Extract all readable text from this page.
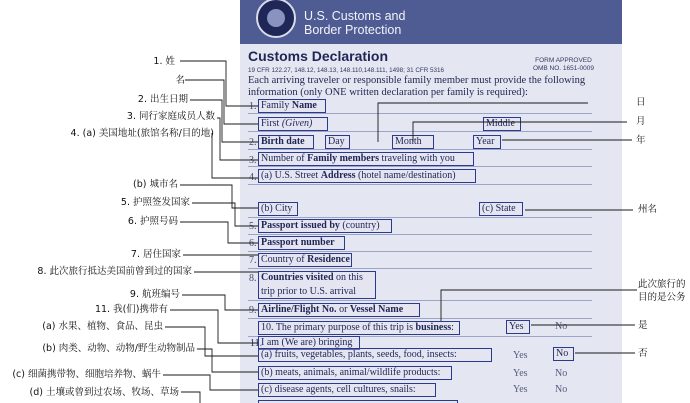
U.S. Customs and
Border Protection
Customs Declaration	FORM APPROVED
OMB NO. 1651-0009
19 CFR 122.27, 148.12, 148.13, 148.110,148.111, 1498; 31 CFR 5316
Each arriving traveler or responsible family member must provide the following
information (only ONE written declaration per family is required):
1. Family Name
First (Given)	Middle
2. Birth date	Day	Month	Year
3. Number of Family members traveling with you
4. (a) U.S. Street Address (hotel name/destination)
(b) City	(c) State
5. Passport issued by (country)
6. Passport number
7. Country of Residence
8. Countries visited on this
trip prior to U.S. arrival
9. Airline/Flight No. or Vessel Name
10. The primary purpose of this trip is business:	Yes	No
11.
I am (We are) bringing
(a) fruits, vegetables, plants, seeds, food, insects:	Yes	No
(b) meats, animals, animal/wildlife products:	Yes	No
(c) disease agents, cell cultures, snails:	Yes	No
1. 姓
名
2. 出生日期
3. 同行家庭成员人数
4. (a) 美国地址(旅馆名称/目的地)
(b) 城市名
5. 护照签发国家
6. 护照号码
7. 居住国家
8. 此次旅行抵达美国前曾到过的国家
9. 航班编号
11. 我(们)携带有
(a) 水果、植物、食品、昆虫
(b) 肉类、动物、动物/野生动物制品
(c) 细菌携带物、细胞培养物、蜗牛
(d) 土壤或曾到过农场、牧场、草场
日
月
年
州名
此次旅行的
目的是公务
是
否
